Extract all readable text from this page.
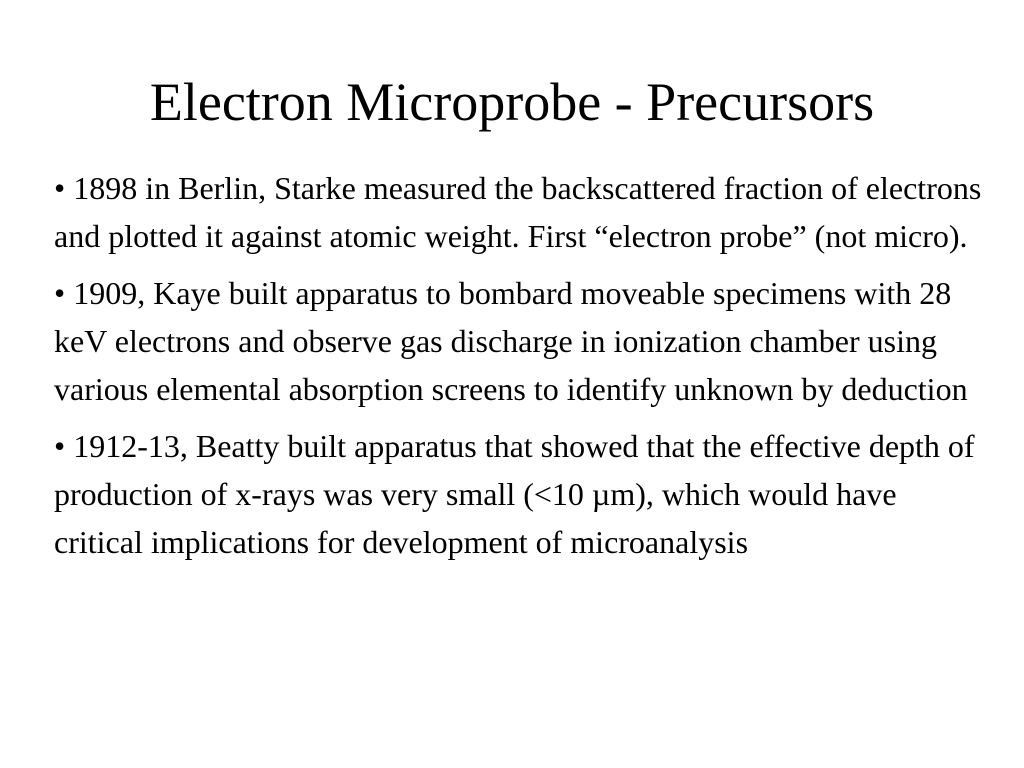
Electron Microprobe - Precursors
• 1898 in Berlin, Starke measured the backscattered fraction of electrons and plotted it against atomic weight. First “electron probe” (not micro).
• 1909, Kaye built apparatus to bombard moveable specimens with 28 keV electrons and observe gas discharge in ionization chamber using various elemental absorption screens to identify unknown by deduction
• 1912-13, Beatty built apparatus that showed that the effective depth of production of x-rays was very small (<10 µm), which would have critical implications for development of microanalysis
